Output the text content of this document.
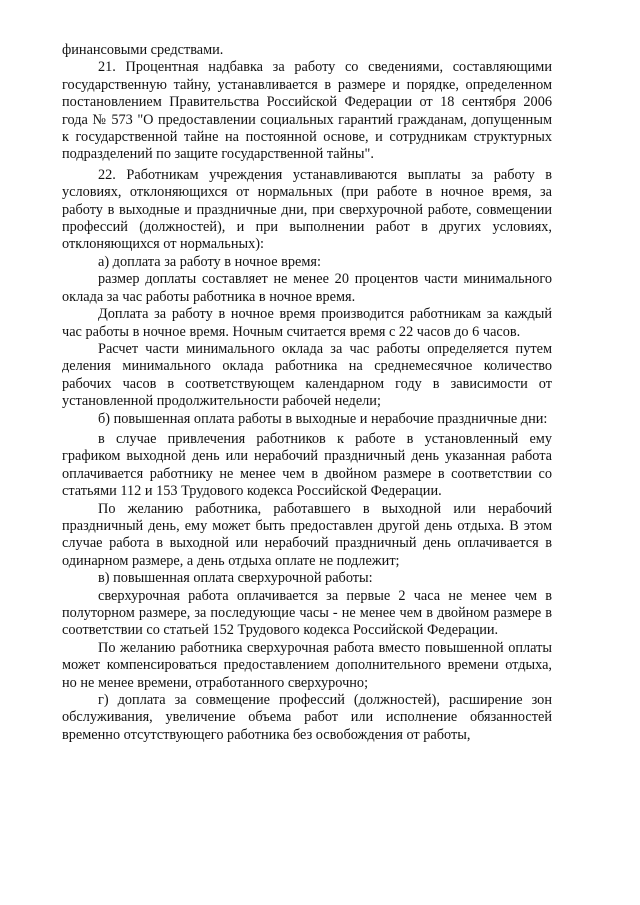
финансовыми средствами.

21. Процентная надбавка за работу со сведениями, составляющими государственную тайну, устанавливается в размере и порядке, определенном постановлением Правительства Российской Федерации от 18 сентября 2006 года № 573 "О предоставлении социальных гарантий гражданам, допущенным к государственной тайне на постоянной основе, и сотрудникам структурных подразделений по защите государственной тайны".

22. Работникам учреждения устанавливаются выплаты за работу в условиях, отклоняющихся от нормальных (при работе в ночное время, за работу в выходные и праздничные дни, при сверхурочной работе, совмещении профессий (должностей), и при выполнении работ в других условиях, отклоняющихся от нормальных):

а) доплата за работу в ночное время:

размер доплаты составляет не менее 20 процентов части минимального оклада за час работы работника в ночное время.

Доплата за работу в ночное время производится работникам за каждый час работы в ночное время. Ночным считается время с 22 часов до 6 часов.

Расчет части минимального оклада за час работы определяется путем деления минимального оклада работника на среднемесячное количество рабочих часов в соответствующем календарном году в зависимости от установленной продолжительности рабочей недели;

б) повышенная оплата работы в выходные и нерабочие праздничные дни:

в случае привлечения работников к работе в установленный ему графиком выходной день или нерабочий праздничный день указанная работа оплачивается работнику не менее чем в двойном размере в соответствии со статьями 112 и 153 Трудового кодекса Российской Федерации.

По желанию работника, работавшего в выходной или нерабочий праздничный день, ему может быть предоставлен другой день отдыха. В этом случае работа в выходной или нерабочий праздничный день оплачивается в одинарном размере, а день отдыха оплате не подлежит;

в) повышенная оплата сверхурочной работы:

сверхурочная работа оплачивается за первые 2 часа не менее чем в полуторном размере, за последующие часы - не менее чем в двойном размере в соответствии со статьей 152 Трудового кодекса Российской Федерации.

По желанию работника сверхурочная работа вместо повышенной оплаты может компенсироваться предоставлением дополнительного времени отдыха, но не менее времени, отработанного сверхурочно;

г) доплата за совмещение профессий (должностей), расширение зон обслуживания, увеличение объема работ или исполнение обязанностей временно отсутствующего работника без освобождения от работы,
